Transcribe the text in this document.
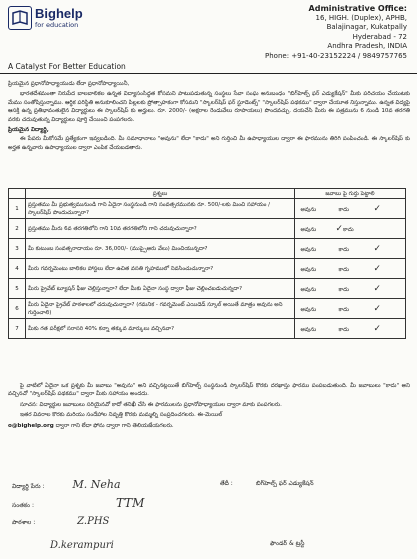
Bighelp
for education
A Catalyst For Better Education
Administrative Office:
16, HIGH. (Duplex), APHB,
Balajinagar, Kukatpally
Hyderabad - 72
Andhra Pradesh, INDIA
Phone: +91-40-23152224 / 9849757765
ప్రియమైన ప్రధానోపాధ్యాయుడు లేదా ప్రధానోపాధ్యాయినీ,
భారతదేశమంతా నిరుపేద బాలబాలికల ఉన్నత విద్యాసంసిద్ధత కోసమని పాటుపడుతున్న సంస్థలు సేవా సంఘ అనుబంధం "బిగ్‌హెల్ప్ ఫర్ ఎడ్యుకేషన్" మీకు పరిచయం చేయుటకు మేము సంతోషిస్తున్నాము. ఆర్థిక పరిస్థితి అనుకూలించని పిల్లలకు ప్రోత్సాహకంగా కోసమని "స్కాలర్‌షిప్ ఫర్ స్టూడెంట్స్" "స్కాలర్‌షిప్ పథకము" ద్వారా చేయూత నిస్తున్నాము. ఉన్నత విద్యపై ఆసక్తి ఉన్న ప్రతిభావంతులైన విద్యార్థులు ఈ స్కాలర్‌షిప్ కు అర్హులు. రూ. 2000/- (అక్షరాల రెండువేలు రూపాయలు) పొందవచ్చు. దయచేసి మీరు ఈ పత్రమును 6 నుండి 10వ తరగతి వరకు చదువుతున్న విద్యార్థులు పూర్తి చేయించి పంపగలరు.
ప్రియమైన విద్యార్థి,
ఈ పేపరు మీకోసమే ప్రత్యేకంగా ఇవ్వబడింది. మీ సమాధానాలు "అవును" లేదా "కాదు" అని గుర్తించి మీ ఉపాధ్యాయుల ద్వారా ఈ ఫారమును తిరిగి పంపించండి. ఈ స్కాలర్‌షిప్ కు అర్హత ఉన్నవారు ఉపాధ్యాయుల ద్వారా ఎంపిక చేయబడతారు.
	ప్రశ్నలు	జవాబు పై గుర్తు పెట్టాలి
1	ప్రస్తుతము మీ ప్రభుత్వమునుండి గాని ఏదైనా సంస్థనుండి గాని సంవత్సరమునకు రూ. 500/-లకు మించి సహాయం / స్కాలర్‌షిప్ పొందుచున్నారా?	అవును కాదు ✓
2	ప్రస్తుతము మీరు 6వ తరగతిలోని గాని 10వ తరగతిలోని గాని చదువుచున్నారా?	అవును ✓కాదు
3	మీ కుటుంబ సంవత్సరాదాయం రూ. 36,000/- (ముప్పైఆరు వేలు) మించియున్నదా?	అవును కాదు ✓
4	మీరు గవర్నమెంటు బాలికల హాస్టలు లేదా ఉచిత వసతి గృహములో నివసించుచున్నారా?	అవును కాదు ✓
5	మీరు ప్రైవేట్ ట్యూషన్ ఫీజు చెల్లిస్తున్నారా? లేదా మీకు ఏదైనా సంస్థ ద్వారా ఫీజు చెల్లించబడుచున్నదా?	అవును కాదు ✓
6	మీరు ఏదైనా ప్రైవేట్ పాఠశాలలో చదువుచున్నారా? (గమనిక - గవర్నమెంట్ ఎయిడెడ్ స్కూల్ అయితే మాత్రం అవును అని గుర్తించాలి)	అవును కాదు ✓
7	మీకు గత పరీక్షలో సరాసరి 40% కన్నా తక్కువ మార్కులు వచ్చినవా?	అవును కాదు ✓
పై వాటిలో ఏదైనా ఒక ప్రశ్నకు మీ జవాబు "అవును" అని వచ్చినట్లయితే బిగ్‌హెల్ప్ సంస్థనుండి స్కాలర్‌షిప్ కొరకు దరఖాస్తు ఫారము పంపబడుతుంది. మీ జవాబులు "కాదు" అని వచ్చినచో "స్కాలర్‌షిప్ పథకము" ద్వారా మీకు సహాయం అందదు.
సూచన: విద్యార్థుల జవాబులు సరియైనవో కాదో తనిఖీ చేసి ఈ ఫారములను ప్రధానోపాధ్యాయుల ద్వారా మాకు పంపగలరు.
ఇతర వివరాల కొరకు మరియు సందేహాల నివృత్తి కొరకు మమ్మల్ని సంప్రదించగలరు. ఈ-మెయిల్
o@bighelp.org ద్వారా గాని లేదా ఫోను ద్వారా గాని తెలియజేయగలరు.
విద్యార్థి పేరు :	M. Neha
సంతకం :	TTM
పాఠశాల :	Z.PHS
D.kerampuri
బిగ్‌హెల్ప్ ఫర్ ఎడ్యుకేషన్
తేదీ :
ఫౌండర్ & ట్రస్టీ
